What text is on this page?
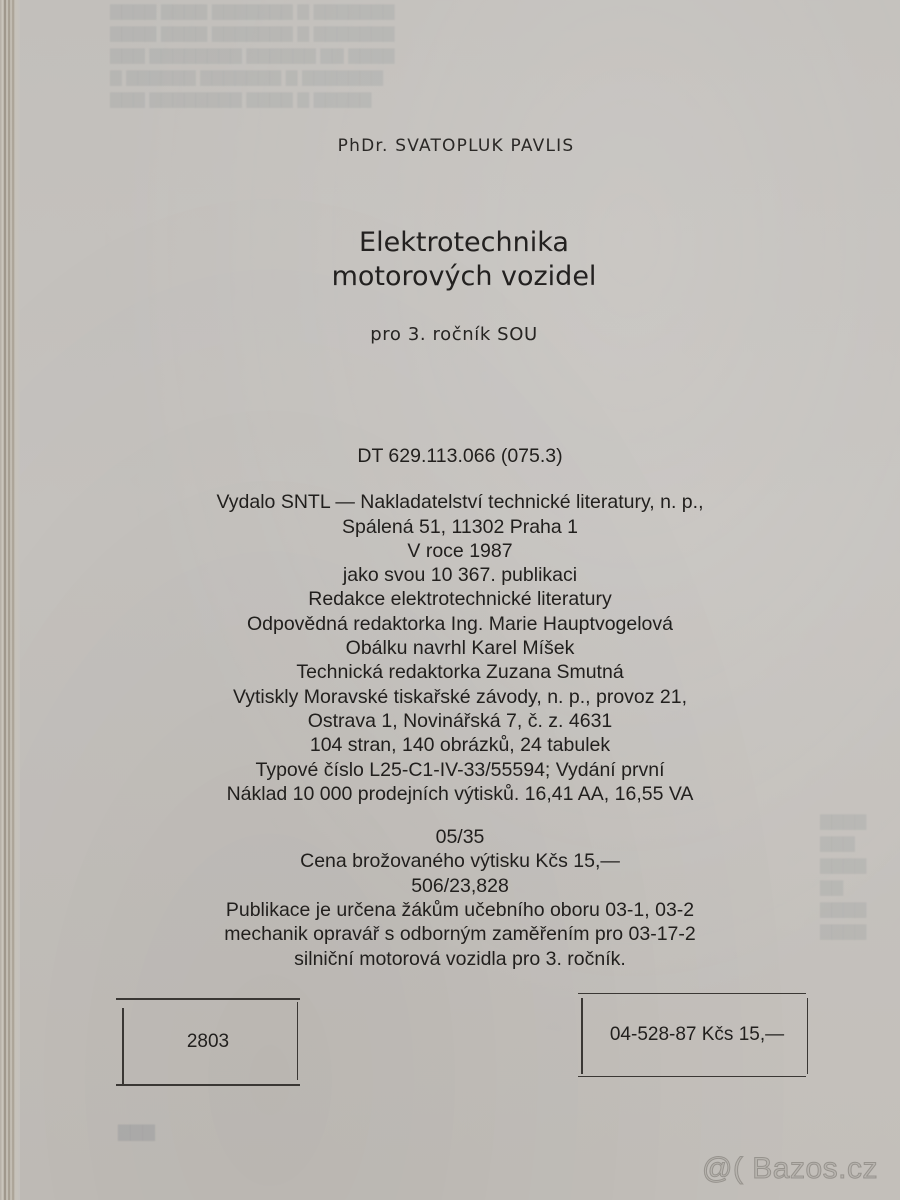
▇▇▇▇ ▇▇▇▇ ▇▇▇▇▇▇▇ ▇ ▇▇▇▇▇▇▇
▇▇▇▇ ▇▇▇▇ ▇▇▇▇▇▇▇ ▇ ▇▇▇▇▇▇▇
▇▇▇ ▇▇▇▇▇▇▇▇ ▇▇▇▇▇▇ ▇▇ ▇▇▇▇
▇ ▇▇▇▇▇▇ ▇▇▇▇▇▇▇ ▇ ▇▇▇▇▇▇▇
▇▇▇ ▇▇▇▇▇▇▇▇ ▇▇▇▇ ▇ ▇▇▇▇▇
▇▇▇▇
▇▇▇
▇▇▇▇
▇▇
▇▇▇▇
▇▇▇▇
▇▇▇
PhDr. SVATOPLUK PAVLIS
Elektrotechnika
motorových vozidel
pro 3. ročník SOU
DT 629.113.066 (075.3)
Vydalo SNTL — Nakladatelství technické literatury, n. p.,
Spálená 51, 11302 Praha 1
V roce 1987
jako svou 10 367. publikaci
Redakce elektrotechnické literatury
Odpovědná redaktorka Ing. Marie Hauptvogelová
Obálku navrhl Karel Míšek
Technická redaktorka Zuzana Smutná
Vytiskly Moravské tiskařské závody, n. p., provoz 21,
Ostrava 1, Novinářská 7, č. z. 4631
104 stran, 140 obrázků, 24 tabulek
Typové číslo L25-C1-IV-33/55594; Vydání první
Náklad 10 000 prodejních výtisků. 16,41 AA, 16,55 VA
05/35
Cena brožovaného výtisku Kčs 15,—
506/23,828
Publikace je určena žákům učebního oboru 03-1, 03-2
mechanik opravář s odborným zaměřením pro 03-17-2
silniční motorová vozidla pro 3. ročník.
2803	04-528-87 Kčs 15,—
@( Bazos.cz
